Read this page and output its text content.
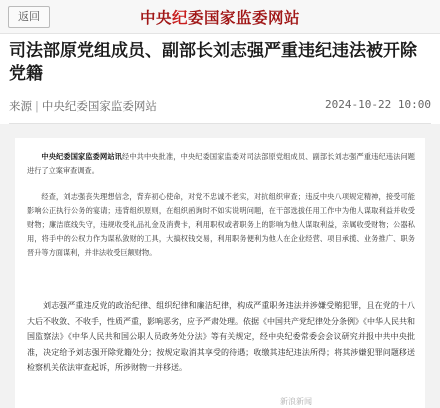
返回	中央纪委国家监委网站
司法部原党组成员、副部长刘志强严重违纪违法被开除党籍
来源 | 中央纪委国家监委网站	2024-10-22 10:00

中央纪委国家监委网站讯经中共中央批准，中央纪委国家监委对司法部原党组成员、副部长刘志强严重违纪违法问题进行了立案审查调查。

经查，刘志强丧失理想信念，背弃初心使命，对党不忠诚不老实，对抗组织审查；违反中央八项规定精神，接受可能影响公正执行公务的宴请；违背组织原则，在组织函询时不如实说明问题，在干部选拔任用工作中为他人谋取利益并收受财物；廉洁底线失守，违规收受礼品礼金及消费卡，利用职权或者职务上的影响为他人谋取利益，亲属收受财物；公器私用，将手中的公权力作为谋私敛财的工具，大搞权钱交易，利用职务便利为他人在企业经营、项目承揽、业务推广、职务晋升等方面谋利，并非法收受巨额财物。

刘志强严重违反党的政治纪律、组织纪律和廉洁纪律，构成严重职务违法并涉嫌受贿犯罪，且在党的十八大后不收敛、不收手，性质严重，影响恶劣，应予严肃处理。依据《中国共产党纪律处分条例》《中华人民共和国监察法》《中华人民共和国公职人员政务处分法》等有关规定，经中央纪委常委会会议研究并报中共中央批准，决定给予刘志强开除党籍处分；按规定取消其享受的待遇；收缴其违纪违法所得；将其涉嫌犯罪问题移送检察机关依法审查起诉，所涉财物一并移送。

新浪新闻
